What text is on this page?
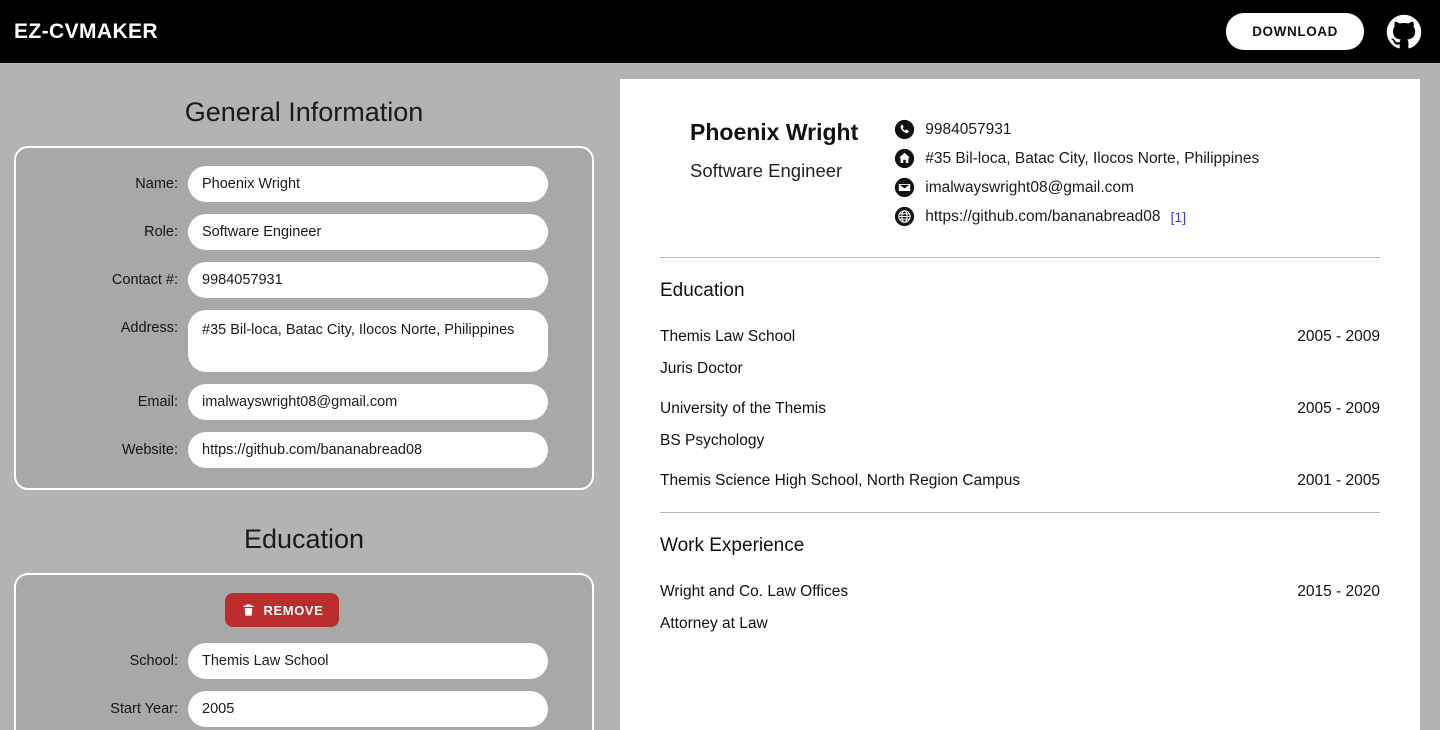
EZ-CVMAKER	DOWNLOAD
General Information
Name:
Phoenix Wright
Role:
Software Engineer
Contact #:
9984057931
Address:
#35 Bil-loca, Batac City, Ilocos Norte, Philippines
Email:
imalwayswright08@gmail.com
Website:
https://github.com/bananabread08
Education
REMOVE
School:
Themis Law School
Start Year:
2005
Phoenix Wright
Software Engineer
9984057931
#35 Bil-loca, Batac City, Ilocos Norte, Philippines
imalwayswright08@gmail.com
https://github.com/bananabread08 [1]
Education
Themis Law School	2005 - 2009
Juris Doctor
University of the Themis	2005 - 2009
BS Psychology
Themis Science High School, North Region Campus	2001 - 2005
Work Experience
Wright and Co. Law Offices	2015 - 2020
Attorney at Law
